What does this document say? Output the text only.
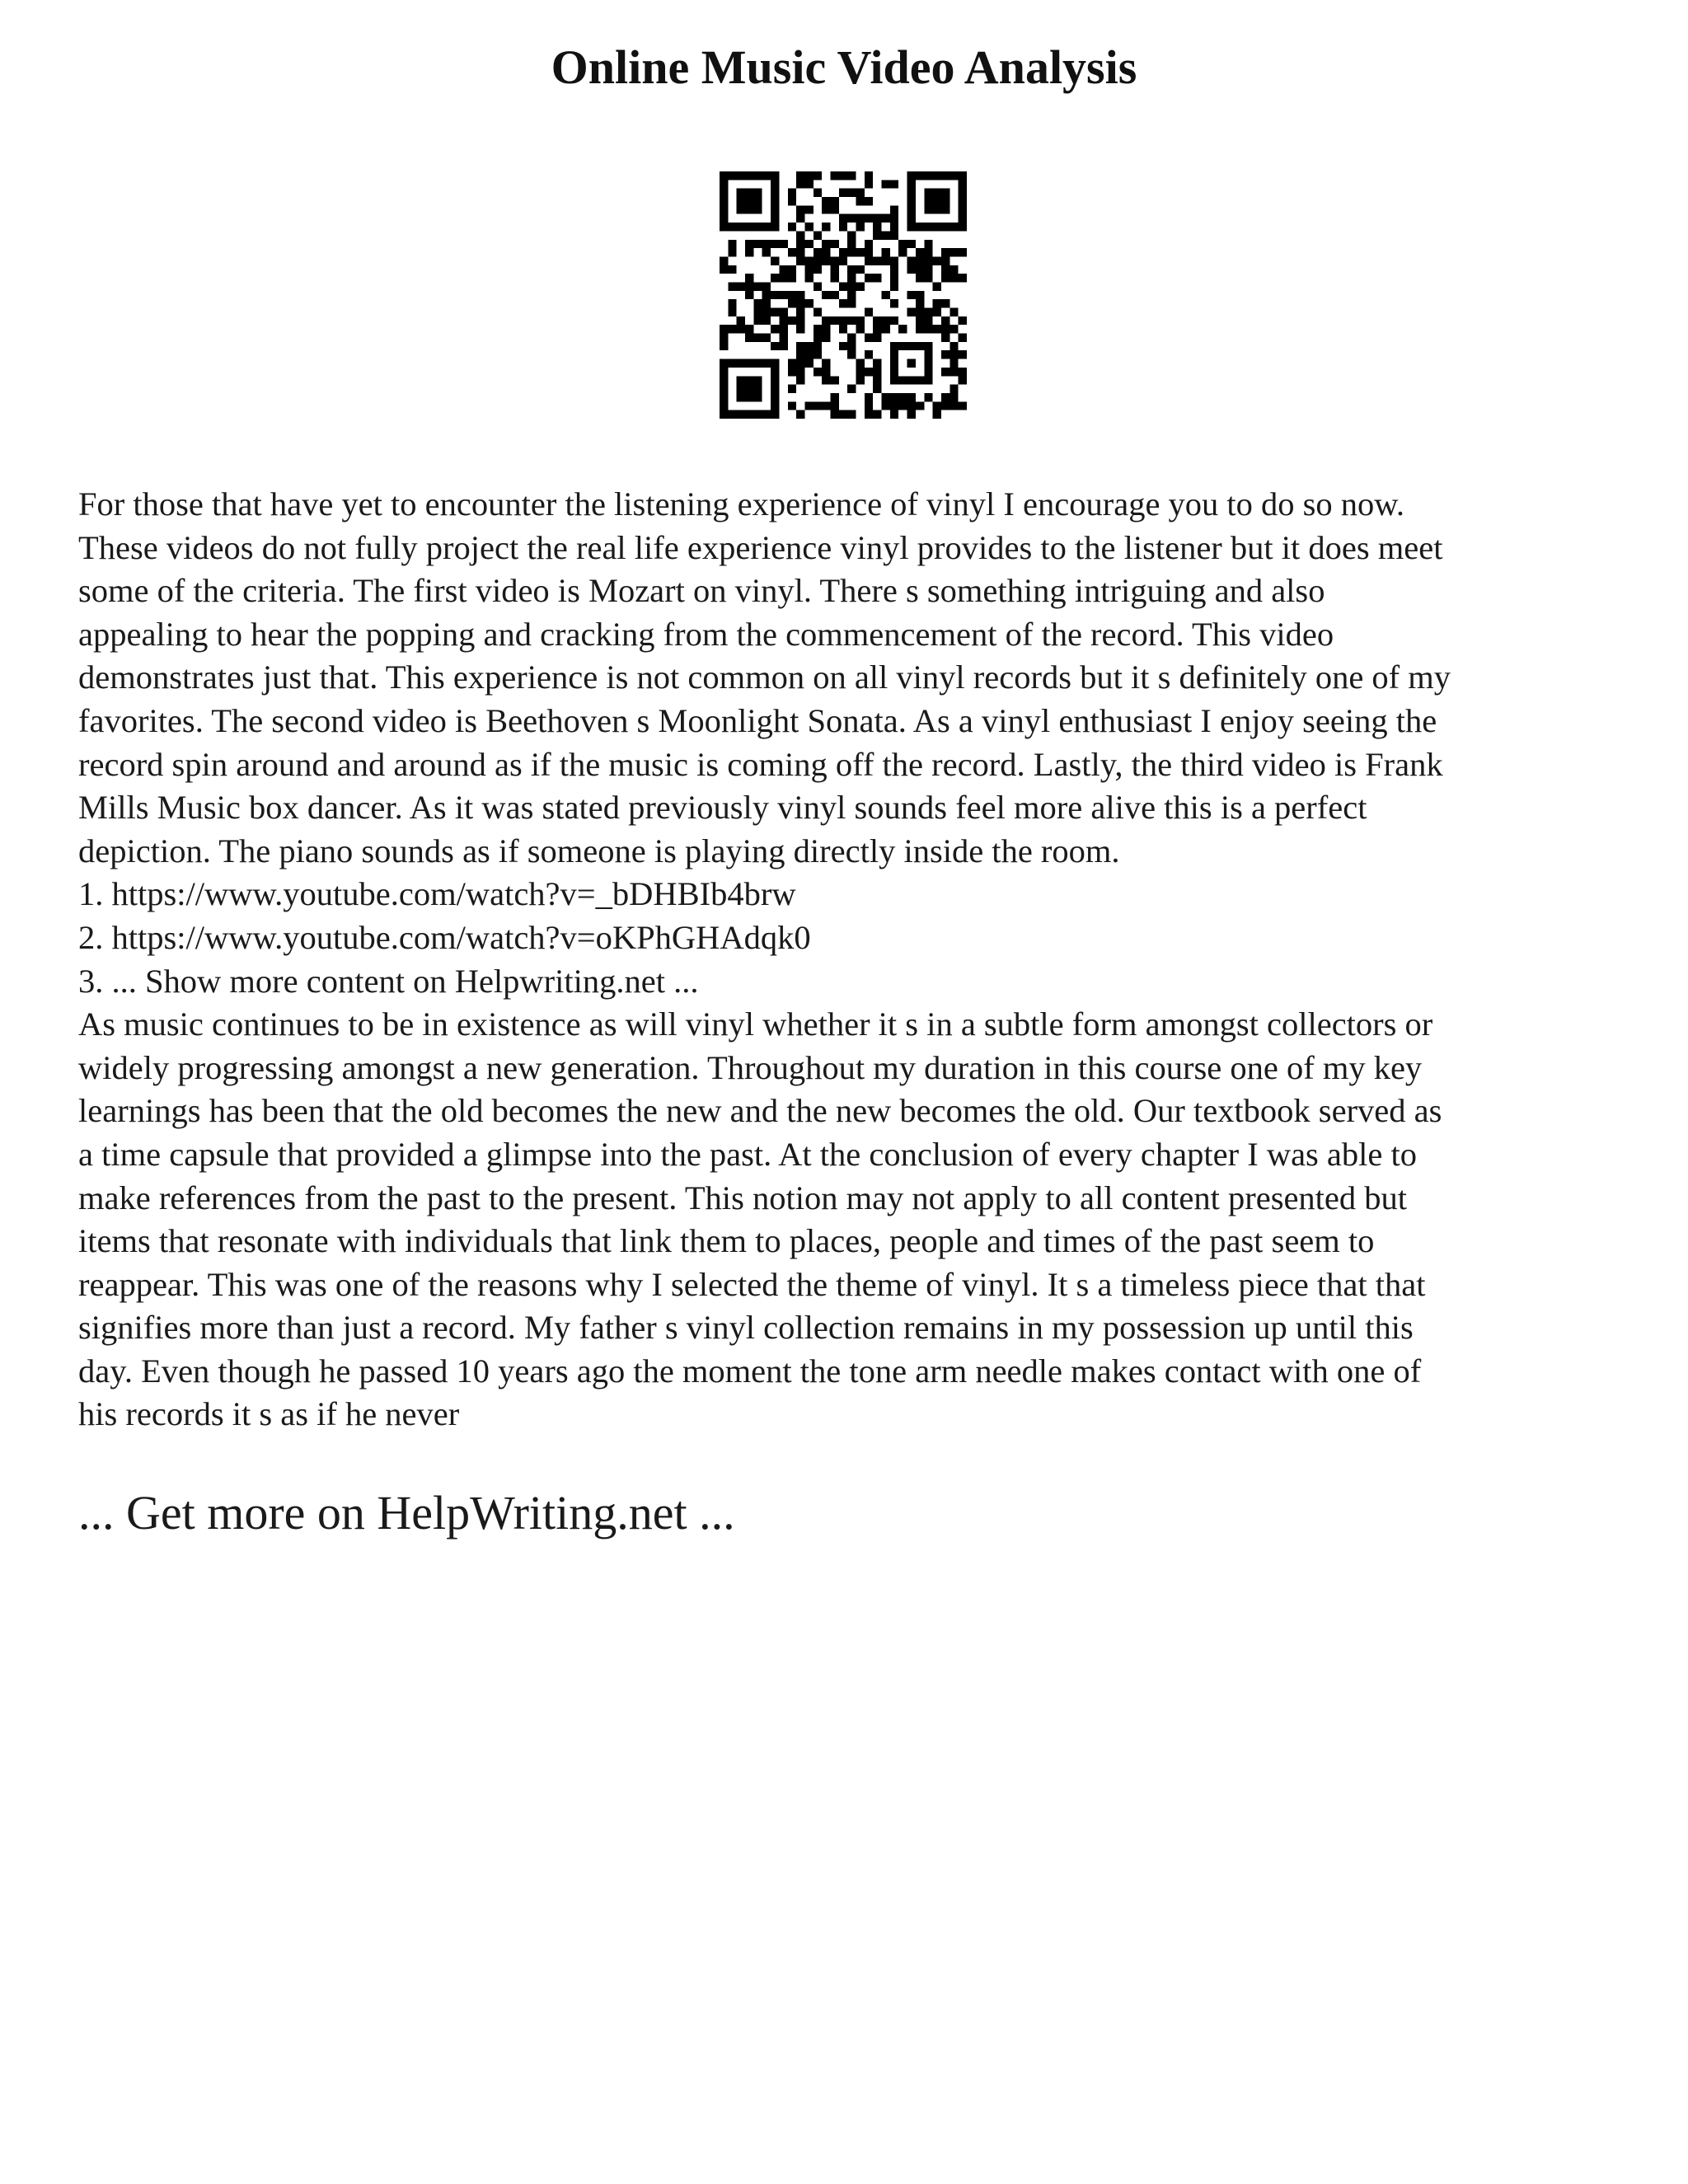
Online Music Video Analysis

For those that have yet to encounter the listening experience of vinyl I encourage you to do so now.
These videos do not fully project the real life experience vinyl provides to the listener but it does meet
some of the criteria. The first video is Mozart on vinyl. There s something intriguing and also
appealing to hear the popping and cracking from the commencement of the record. This video
demonstrates just that. This experience is not common on all vinyl records but it s definitely one of my
favorites. The second video is Beethoven s Moonlight Sonata. As a vinyl enthusiast I enjoy seeing the
record spin around and around as if the music is coming off the record. Lastly, the third video is Frank
Mills Music box dancer. As it was stated previously vinyl sounds feel more alive this is a perfect
depiction. The piano sounds as if someone is playing directly inside the room.

1. https://www.youtube.com/watch?v=_bDHBIb4brw
2. https://www.youtube.com/watch?v=oKPhGHAdqk0
3. ... Show more content on Helpwriting.net ...

As music continues to be in existence as will vinyl whether it s in a subtle form amongst collectors or
widely progressing amongst a new generation. Throughout my duration in this course one of my key
learnings has been that the old becomes the new and the new becomes the old. Our textbook served as
a time capsule that provided a glimpse into the past. At the conclusion of every chapter I was able to
make references from the past to the present. This notion may not apply to all content presented but
items that resonate with individuals that link them to places, people and times of the past seem to
reappear. This was one of the reasons why I selected the theme of vinyl. It s a timeless piece that that
signifies more than just a record. My father s vinyl collection remains in my possession up until this
day. Even though he passed 10 years ago the moment the tone arm needle makes contact with one of
his records it s as if he never

... Get more on HelpWriting.net ...
